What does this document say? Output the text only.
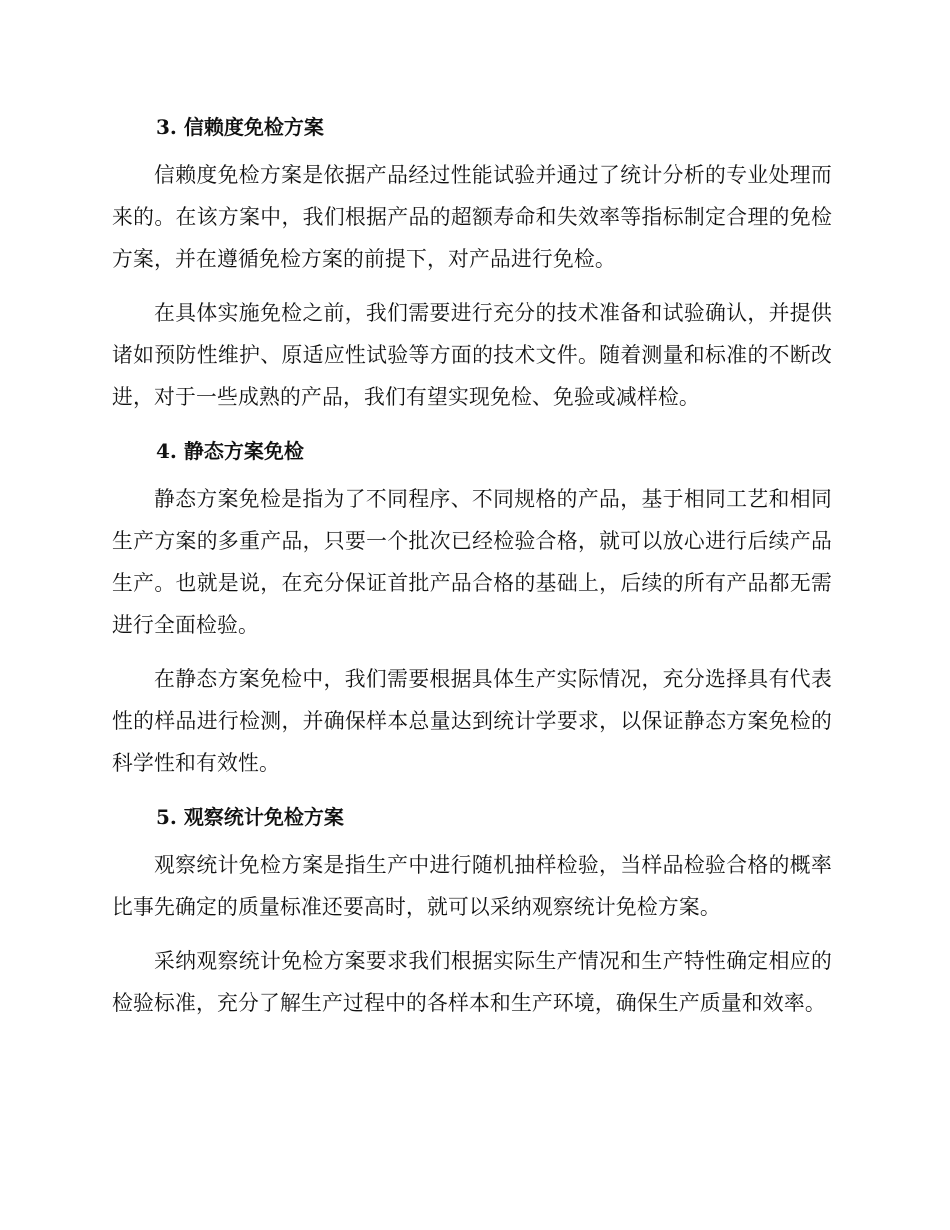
3. 信赖度免检方案

信赖度免检方案是依据产品经过性能试验并通过了统计分析的专业处理而来的。在该方案中，我们根据产品的超额寿命和失效率等指标制定合理的免检方案，并在遵循免检方案的前提下，对产品进行免检。

在具体实施免检之前，我们需要进行充分的技术准备和试验确认，并提供诸如预防性维护、原适应性试验等方面的技术文件。随着测量和标准的不断改进，对于一些成熟的产品，我们有望实现免检、免验或减样检。

4. 静态方案免检

静态方案免检是指为了不同程序、不同规格的产品，基于相同工艺和相同生产方案的多重产品，只要一个批次已经检验合格，就可以放心进行后续产品生产。也就是说，在充分保证首批产品合格的基础上，后续的所有产品都无需进行全面检验。

在静态方案免检中，我们需要根据具体生产实际情况，充分选择具有代表性的样品进行检测，并确保样本总量达到统计学要求，以保证静态方案免检的科学性和有效性。

5. 观察统计免检方案

观察统计免检方案是指生产中进行随机抽样检验，当样品检验合格的概率比事先确定的质量标准还要高时，就可以采纳观察统计免检方案。

采纳观察统计免检方案要求我们根据实际生产情况和生产特性确定相应的检验标准，充分了解生产过程中的各样本和生产环境，确保生产质量和效率。
